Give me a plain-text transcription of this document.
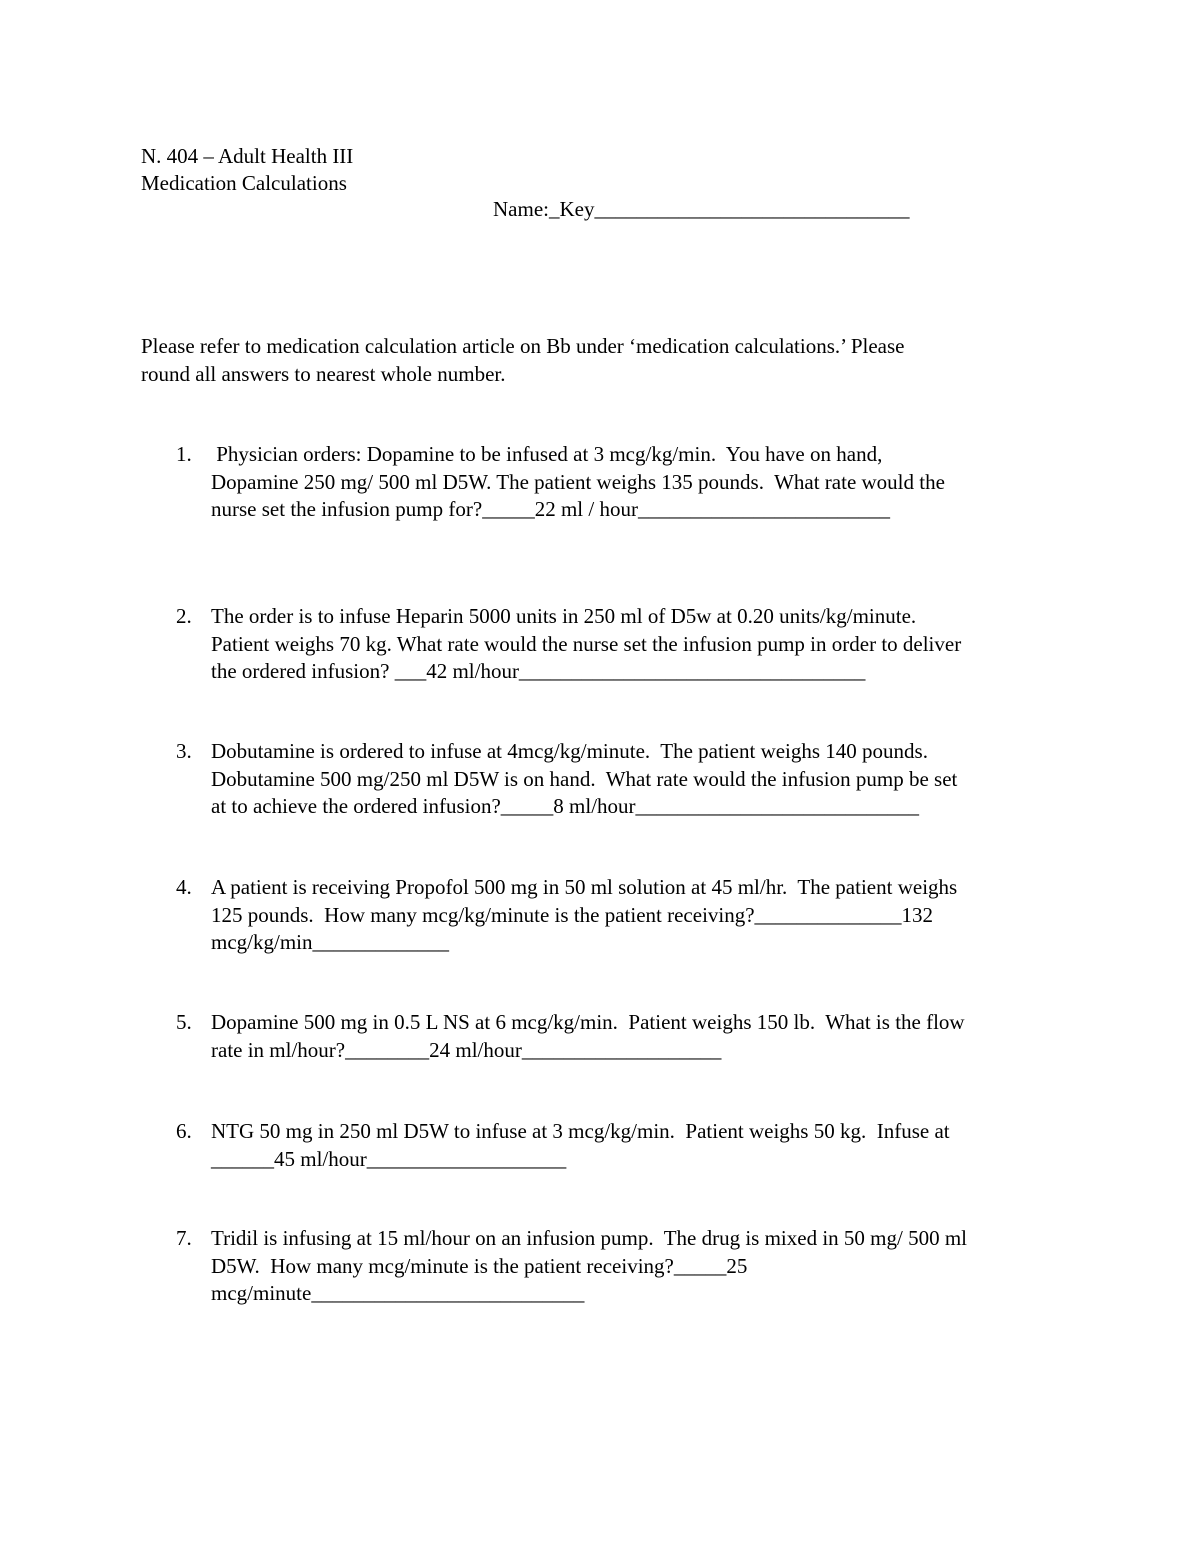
N. 404 – Adult Health III
Medication Calculations
Name:_Key______________________________
Please refer to medication calculation article on Bb under ‘medication calculations.’ Please
round all answers to nearest whole number.
1. Physician orders: Dopamine to be infused at 3 mcg/kg/min.  You have on hand,
Dopamine 250 mg/ 500 ml D5W. The patient weighs 135 pounds.  What rate would the
nurse set the infusion pump for?_____22 ml / hour________________________
2. The order is to infuse Heparin 5000 units in 250 ml of D5w at 0.20 units/kg/minute.
Patient weighs 70 kg. What rate would the nurse set the infusion pump in order to deliver
the ordered infusion? ___42 ml/hour_________________________________
3. Dobutamine is ordered to infuse at 4mcg/kg/minute.  The patient weighs 140 pounds.
Dobutamine 500 mg/250 ml D5W is on hand.  What rate would the infusion pump be set
at to achieve the ordered infusion?_____8 ml/hour___________________________
4. A patient is receiving Propofol 500 mg in 50 ml solution at 45 ml/hr.  The patient weighs
125 pounds.  How many mcg/kg/minute is the patient receiving?______________132
mcg/kg/min_____________
5. Dopamine 500 mg in 0.5 L NS at 6 mcg/kg/min.  Patient weighs 150 lb.  What is the flow
rate in ml/hour?________24 ml/hour___________________
6. NTG 50 mg in 250 ml D5W to infuse at 3 mcg/kg/min.  Patient weighs 50 kg.  Infuse at
______45 ml/hour___________________
7. Tridil is infusing at 15 ml/hour on an infusion pump.  The drug is mixed in 50 mg/ 500 ml
D5W.  How many mcg/minute is the patient receiving?_____25
mcg/minute__________________________
